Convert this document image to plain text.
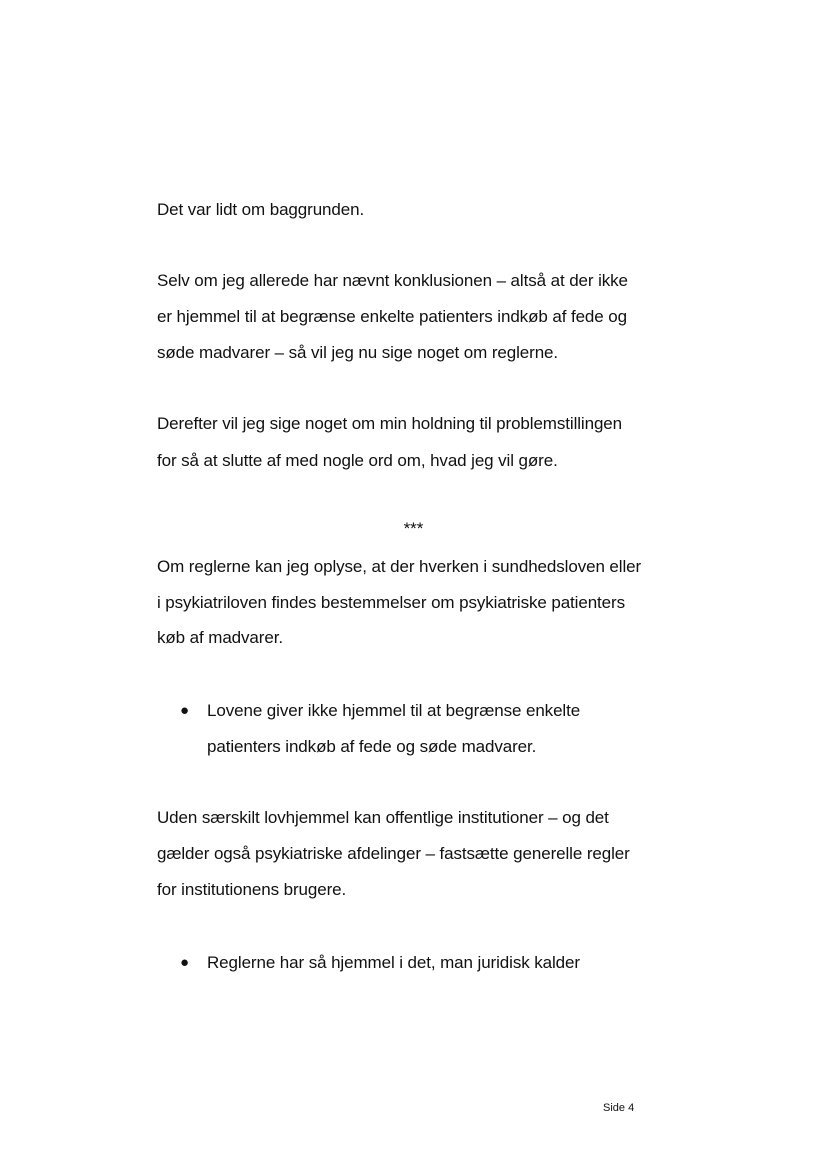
Det var lidt om baggrunden.
Selv om jeg allerede har nævnt konklusionen – altså at der ikke
er hjemmel til at begrænse enkelte patienters indkøb af fede og
søde madvarer – så vil jeg nu sige noget om reglerne.
Derefter vil jeg sige noget om min holdning til problemstillingen
for så at slutte af med nogle ord om, hvad jeg vil gøre.
***
Om reglerne kan jeg oplyse, at der hverken i sundhedsloven eller
i psykiatriloven findes bestemmelser om psykiatriske patienters
køb af madvarer.
● Lovene giver ikke hjemmel til at begrænse enkelte
patienters indkøb af fede og søde madvarer.
Uden særskilt lovhjemmel kan offentlige institutioner – og det
gælder også psykiatriske afdelinger – fastsætte generelle regler
for institutionens brugere.
● Reglerne har så hjemmel i det, man juridisk kalder
Side 4
